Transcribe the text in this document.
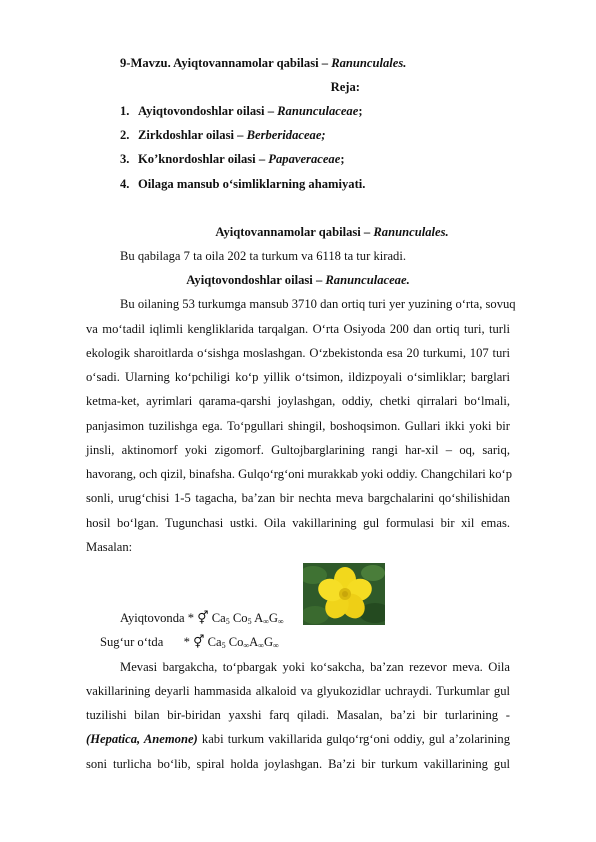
9-Mavzu. Ayiqtovannamolar qabilasi – Ranunculales.
Reja:
1. Ayiqtovondoshlar oilasi – Ranunculaceae;
2. Zirkdoshlar oilasi – Berberidaceae;
3. Ko’knordoshlar oilasi – Papaveraceae;
4. Oilaga mansub o‘simliklarning ahamiyati.
Ayiqtovannamolar qabilasi – Ranunculales.
Bu qabilaga 7 ta oila 202 ta turkum va 6118 ta tur kiradi.
Ayiqtovondoshlar oilasi – Ranunculaceae.
Bu oilaning 53 turkumga mansub 3710 dan ortiq turi yer yuzining o‘rta, sovuq
va mo‘tadil iqlimli kengliklarida tarqalgan. O‘rta Osiyoda 200 dan ortiq turi, turli
ekologik sharoitlarda o‘sishga moslashgan. O‘zbekistonda esa 20 turkumi, 107 turi
o‘sadi. Ularning ko‘pchiligi ko‘p yillik o‘tsimon, ildizpoyali o‘simliklar; barglari
ketma-ket, ayrimlari qarama-qarshi joylashgan, oddiy, chetki qirralari bo‘lmali,
panjasimon tuzilishga ega. To‘pgullari shingil, boshoqsimon. Gullari ikki yoki bir
jinsli, aktinomorf yoki zigomorf. Gultojbarglarining rangi har-xil – oq, sariq,
havorang, och qizil, binafsha. Gulqo‘rg‘oni murakkab yoki oddiy. Changchilari ko‘p
sonli, urug‘chisi 1-5 tagacha, ba’zan bir nechta meva bargchalarini qo‘shilishidan
hosil bo‘lgan. Tugunchasi ustki. Oila vakillarining gul formulasi bir xil emas.
Masalan:
Ayiqtovonda * ⚥ $Ca_5$ $Co_5$ $A_\infty G_\infty$
Sug‘ur o‘tda * ⚥ $Ca_5$ $Co_\infty A_\infty G_\infty$
Mevasi bargakcha, to‘pbargak yoki ko‘sakcha, ba’zan rezevor meva. Oila
vakillarining deyarli hammasida alkaloid va glyukozidlar uchraydi. Turkumlar gul
tuzilishi bilan bir-biridan yaxshi farq qiladi. Masalan, ba’zi bir turlarining -
(Hepatica, Anemone) kabi turkum vakillarida gulqo‘rg‘oni oddiy, gul a’zolarining
soni turlicha bo‘lib, spiral holda joylashgan. Ba’zi bir turkum vakillarining gul
